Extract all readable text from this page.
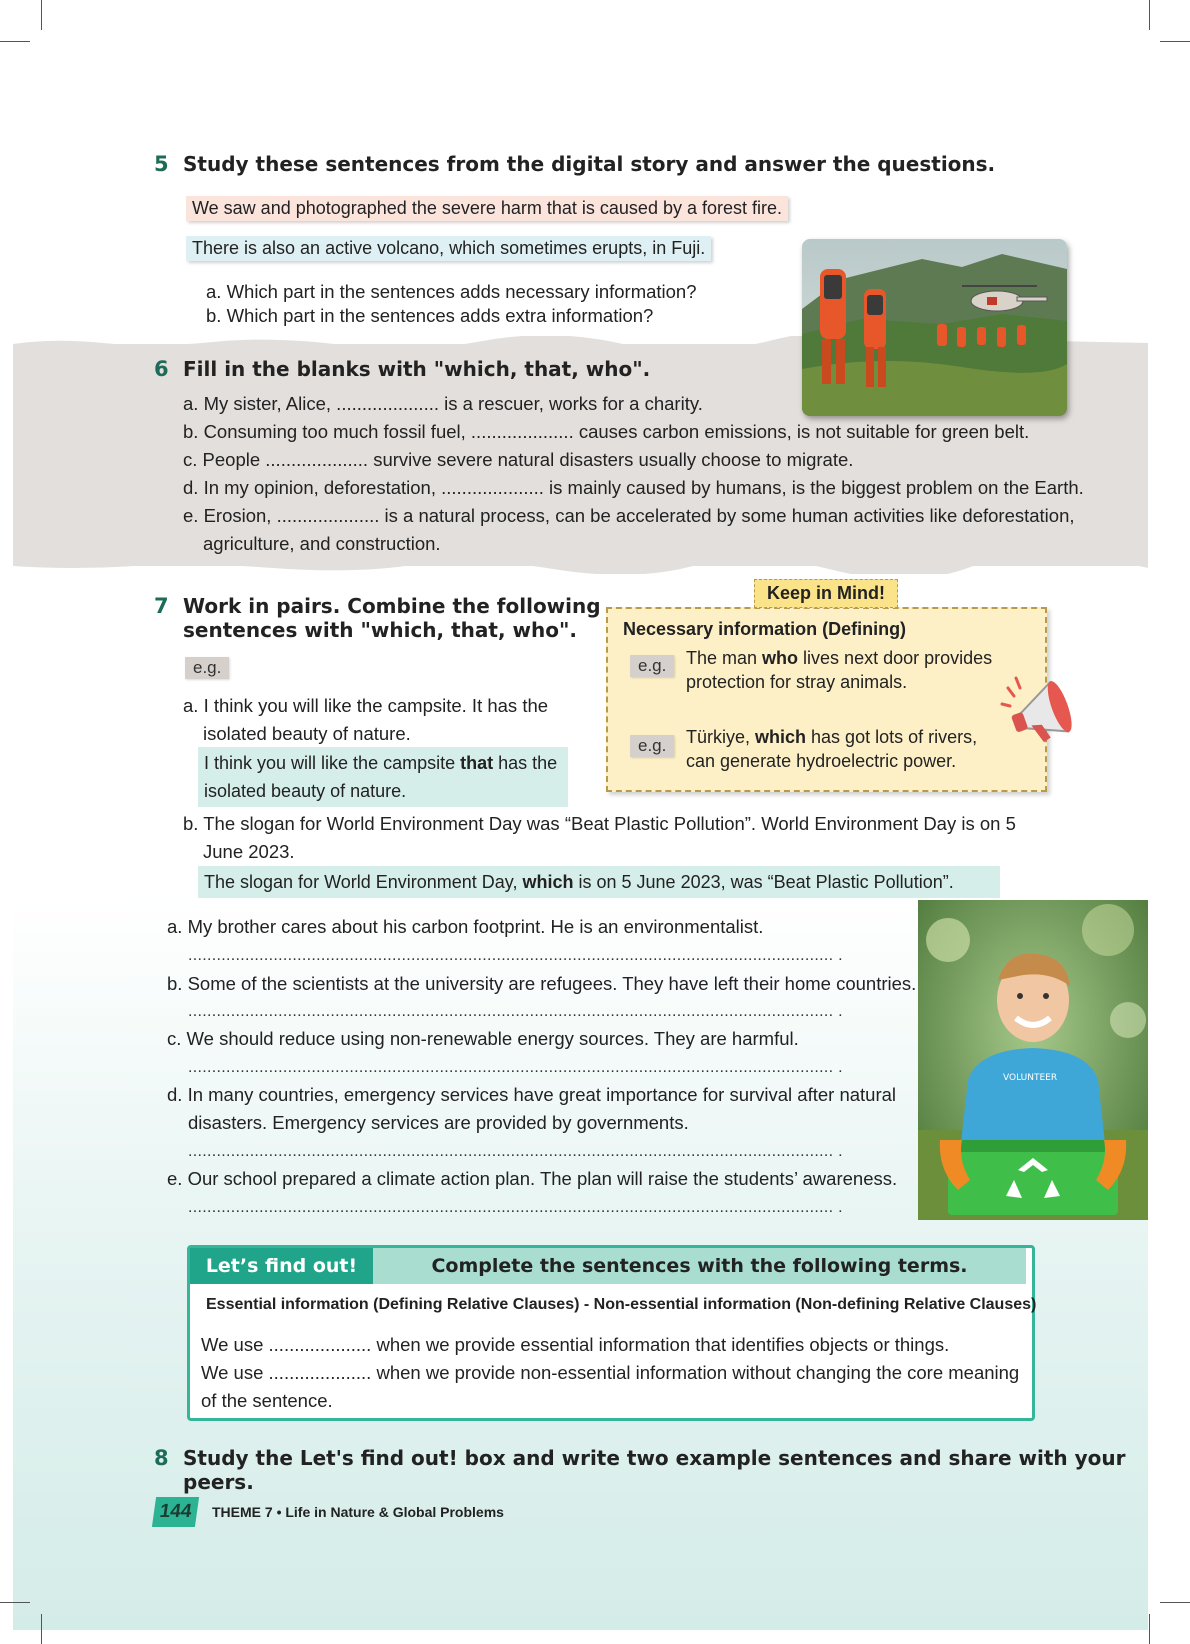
5 Study these sentences from the digital story and answer the questions.
We saw and photographed the severe harm that is caused by a forest fire.
There is also an active volcano, which sometimes erupts, in Fuji.
a. Which part in the sentences adds necessary information?
b. Which part in the sentences adds extra information?
6 Fill in the blanks with "which, that, who".
a. My sister, Alice, .................... is a rescuer, works for a charity.
b. Consuming too much fossil fuel, .................... causes carbon emissions, is not suitable for green belt.
c. People .................... survive severe natural disasters usually choose to migrate.
d. In my opinion, deforestation, .................... is mainly caused by humans, is the biggest problem on the Earth.
e. Erosion, .................... is a natural process, can be accelerated by some human activities like deforestation,
agriculture, and construction.
7 Work in pairs. Combine the following
sentences with "which, that, who".
e.g.
a. I think you will like the campsite. It has the
isolated beauty of nature.
I think you will like the campsite that has the
isolated beauty of nature.
Keep in Mind!
Necessary information (Defining)
e.g.	The man who lives next door provides
protection for stray animals.
e.g.	Türkiye, which has got lots of rivers,
can generate hydroelectric power.
b. The slogan for World Environment Day was “Beat Plastic Pollution”. World Environment Day is on 5
June 2023.
The slogan for World Environment Day, which is on 5 June 2023, was “Beat Plastic Pollution”.
a. My brother cares about his carbon footprint. He is an environmentalist.
........................................................................................................................................ .
b. Some of the scientists at the university are refugees. They have left their home countries.
........................................................................................................................................ .
c. We should reduce using non-renewable energy sources. They are harmful.
........................................................................................................................................ .
d. In many countries, emergency services have great importance for survival after natural
disasters. Emergency services are provided by governments.
........................................................................................................................................ .
e. Our school prepared a climate action plan. The plan will raise the students’ awareness.
........................................................................................................................................ .
VOLUNTEER
Let’s find out!	Complete the sentences with the following terms.
Essential information (Defining Relative Clauses) - Non-essential information (Non-defining Relative Clauses)
We use .................... when we provide essential information that identifies objects or things.
We use .................... when we provide non-essential information without changing the core meaning
of the sentence.
8 Study the Let's find out! box and write two example sentences and share with your peers.
144	THEME 7 • Life in Nature & Global Problems
